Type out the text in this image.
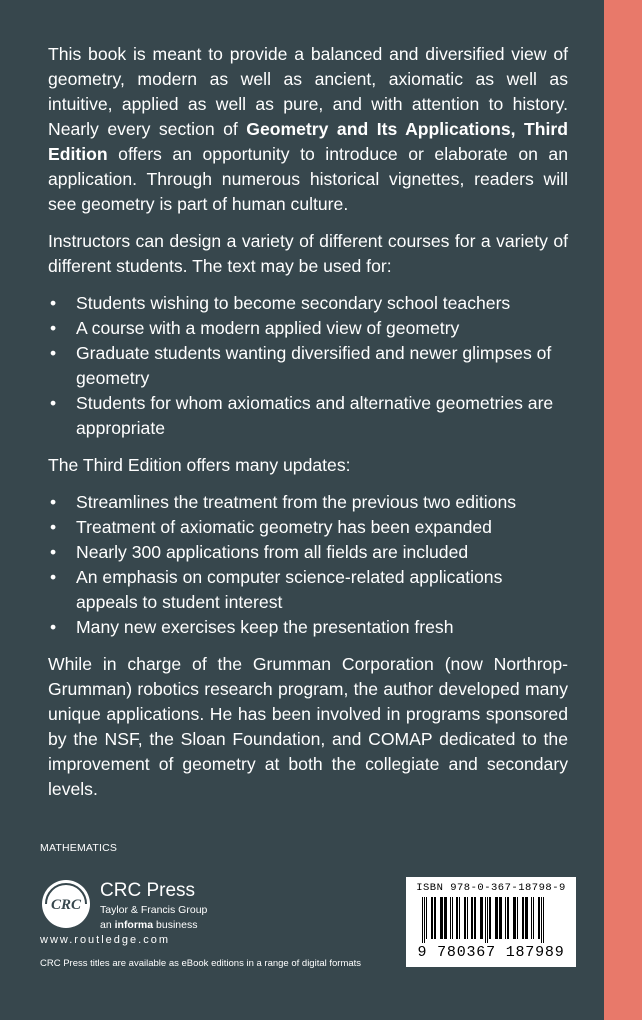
This book is meant to provide a balanced and diversified view of geometry, modern as well as ancient, axiomatic as well as intuitive, applied as well as pure, and with attention to history. Nearly every section of Geometry and Its Applications, Third Edition offers an opportunity to introduce or elaborate on an application. Through numerous historical vignettes, readers will see geometry is part of human culture.

Instructors can design a variety of different courses for a variety of different students. The text may be used for:

• Students wishing to become secondary school teachers
• A course with a modern applied view of geometry
• Graduate students wanting diversified and newer glimpses of geometry
• Students for whom axiomatics and alternative geometries are appropriate

The Third Edition offers many updates:

• Streamlines the treatment from the previous two editions
• Treatment of axiomatic geometry has been expanded
• Nearly 300 applications from all fields are included
• An emphasis on computer science-related applications appeals to student interest
• Many new exercises keep the presentation fresh

While in charge of the Grumman Corporation (now Northrop-Grumman) robotics research program, the author developed many unique applications. He has been involved in programs sponsored by the NSF, the Sloan Foundation, and COMAP dedicated to the improvement of geometry at both the collegiate and secondary levels.

MATHEMATICS
CRC
CRC Press
Taylor & Francis Group
an informa business
www.routledge.com
CRC Press titles are available as eBook editions in a range of digital formats
ISBN 978-0-367-18798-9
9 780367 187989
